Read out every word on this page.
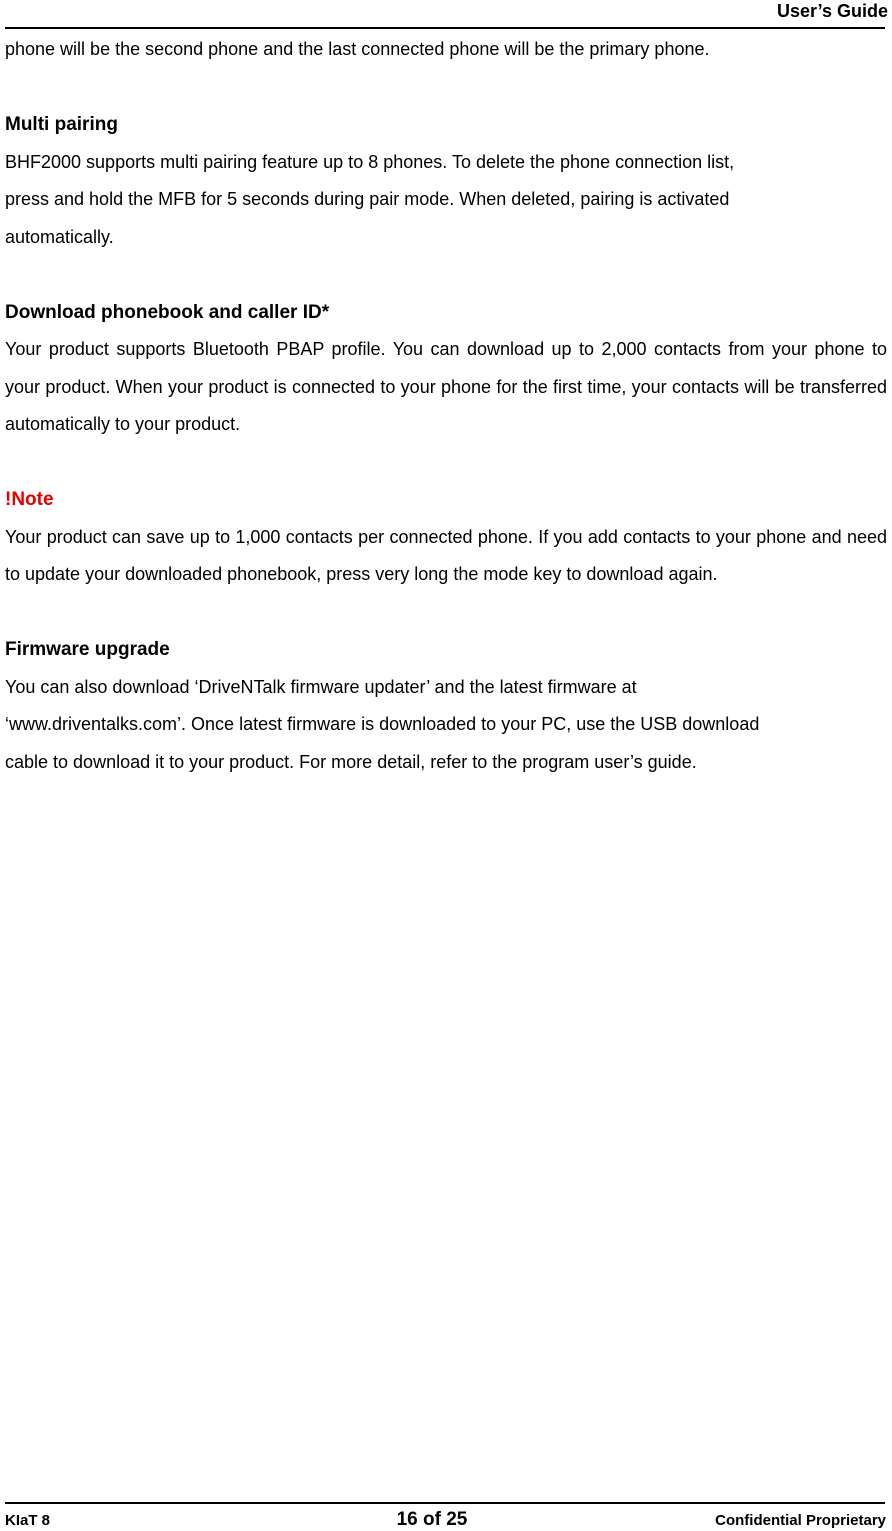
User’s Guide

phone will be the second phone and the last connected phone will be the primary phone.

Multi pairing

BHF2000 supports multi pairing feature up to 8 phones. To delete the phone connection list,

press and hold the MFB for 5 seconds during pair mode. When deleted, pairing is activated

automatically.

Download phonebook and caller ID*

Your product supports Bluetooth PBAP profile. You can download up to 2,000 contacts from your phone to your product. When your product is connected to your phone for the first time, your contacts will be transferred automatically to your product.

!Note

Your product can save up to 1,000 contacts per connected phone. If you add contacts to your phone and need to update your downloaded phonebook, press very long the mode key to download again.

Firmware upgrade

You can also download ‘DriveNTalk firmware updater’ and the latest firmware at

‘www.driventalks.com’. Once latest firmware is downloaded to your PC, use the USB download

cable to download it to your product. For more detail, refer to the program user’s guide.

KIaT 8	16 of 25	Confidential Proprietary
